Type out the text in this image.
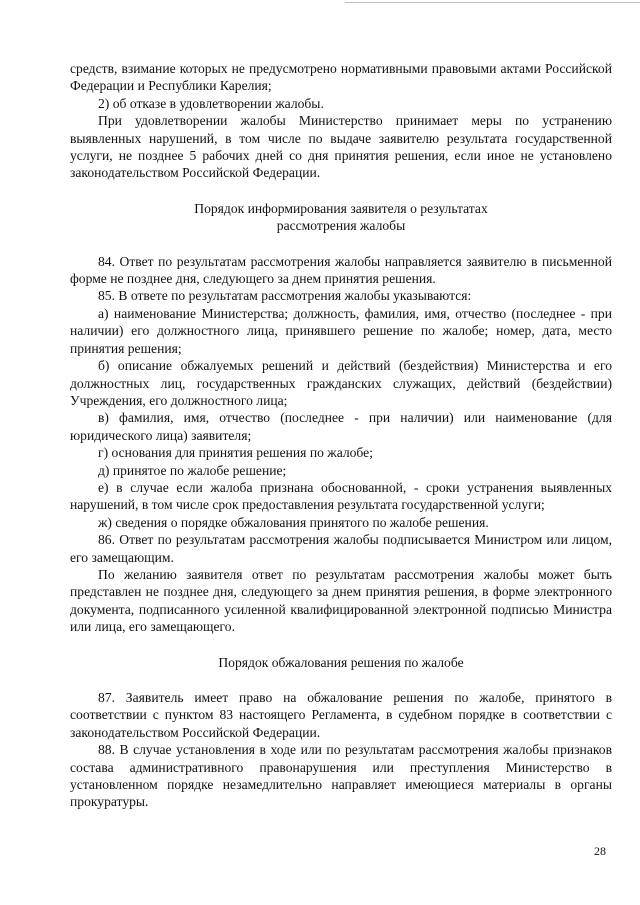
средств, взимание которых не предусмотрено нормативными правовыми актами Российской Федерации и Республики Карелия;

2) об отказе в удовлетворении жалобы.

При удовлетворении жалобы Министерство принимает меры по устранению выявленных нарушений, в том числе по выдаче заявителю результата государственной услуги, не позднее 5 рабочих дней со дня принятия решения, если иное не установлено законодательством Российской Федерации.

Порядок информирования заявителя о результатах
рассмотрения жалобы

84. Ответ по результатам рассмотрения жалобы направляется заявителю в письменной форме не позднее дня, следующего за днем принятия решения.

85. В ответе по результатам рассмотрения жалобы указываются:

а) наименование Министерства; должность, фамилия, имя, отчество (последнее - при наличии) его должностного лица, принявшего решение по жалобе; номер, дата, место принятия решения;

б) описание обжалуемых решений и действий (бездействия) Министерства и его должностных лиц, государственных гражданских служащих, действий (бездействии) Учреждения, его должностного лица;

в) фамилия, имя, отчество (последнее - при наличии) или наименование (для юридического лица) заявителя;

г) основания для принятия решения по жалобе;

д) принятое по жалобе решение;

е) в случае если жалоба признана обоснованной, - сроки устранения выявленных нарушений, в том числе срок предоставления результата государственной услуги;

ж) сведения о порядке обжалования принятого по жалобе решения.

86. Ответ по результатам рассмотрения жалобы подписывается Министром или лицом, его замещающим.

По желанию заявителя ответ по результатам рассмотрения жалобы может быть представлен не позднее дня, следующего за днем принятия решения, в форме электронного документа, подписанного усиленной квалифицированной электронной подписью Министра или лица, его замещающего.

Порядок обжалования решения по жалобе

87. Заявитель имеет право на обжалование решения по жалобе, принятого в соответствии с пунктом 83 настоящего Регламента, в судебном порядке в соответствии с законодательством Российской Федерации.

88. В случае установления в ходе или по результатам рассмотрения жалобы признаков состава административного правонарушения или преступления Министерство в установленном порядке незамедлительно направляет имеющиеся материалы в органы прокуратуры.

28
